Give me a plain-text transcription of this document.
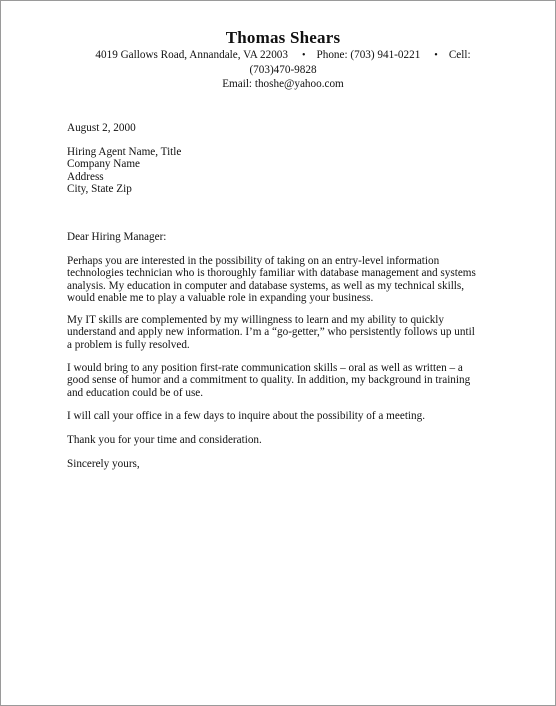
Thomas Shears
4019 Gallows Road, Annandale, VA 22003 • Phone: (703) 941-0221 • Cell:
(703)470-9828
Email: thoshe@yahoo.com

August 2, 2000

Hiring Agent Name, Title

Company Name

Address

City, State Zip

Dear Hiring Manager:

Perhaps you are interested in the possibility of taking on an entry-level information

technologies technician who is thoroughly familiar with database management and systems

analysis. My education in computer and database systems, as well as my technical skills,

would enable me to play a valuable role in expanding your business.

My IT skills are complemented by my willingness to learn and my ability to quickly

understand and apply new information. I’m a “go-getter,” who persistently follows up until

a problem is fully resolved.

I would bring to any position first-rate communication skills – oral as well as written – a

good sense of humor and a commitment to quality. In addition, my background in training

and education could be of use.

I will call your office in a few days to inquire about the possibility of a meeting.

Thank you for your time and consideration.

Sincerely yours,
